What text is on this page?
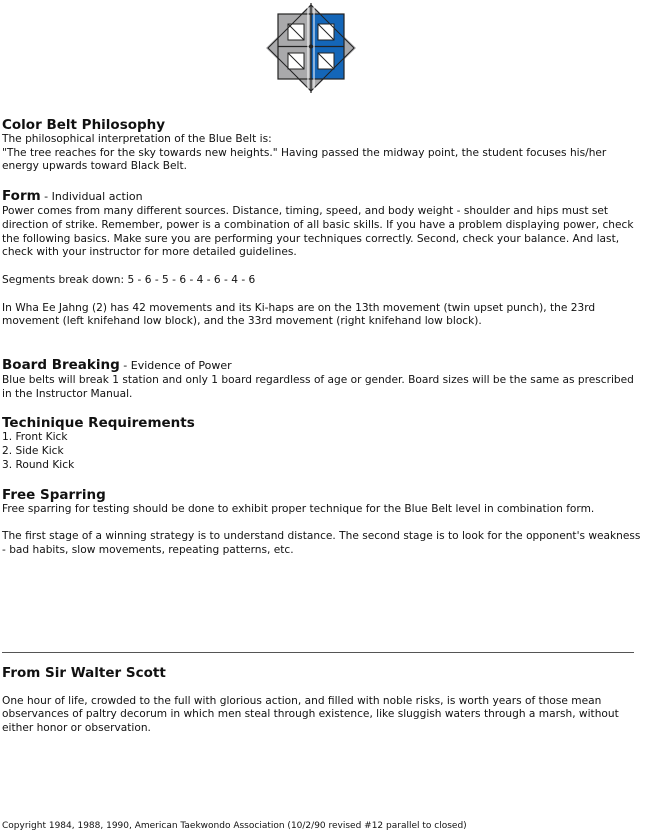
Color Belt Philosophy

The philosophical interpretation of the Blue Belt is:

"The tree reaches for the sky towards new heights." Having passed the midway point, the student focuses his/her energy upwards toward Black Belt.

Form - Individual action

Power comes from many different sources. Distance, timing, speed, and body weight - shoulder and hips must set direction of strike. Remember, power is a combination of all basic skills. If you have a problem displaying power, check the following basics. Make sure you are performing your techniques correctly. Second, check your balance. And last, check with your instructor for more detailed guidelines.

Segments break down: 5 - 6 - 5 - 6 - 4 - 6 - 4 - 6

In Wha Ee Jahng (2) has 42 movements and its Ki-haps are on the 13th movement (twin upset punch), the 23rd movement (left knifehand low block), and the 33rd movement (right knifehand low block).

Board Breaking - Evidence of Power

Blue belts will break 1 station and only 1 board regardless of age or gender. Board sizes will be the same as prescribed in the Instructor Manual.

Techinique Requirements

1. Front Kick

2. Side Kick

3. Round Kick

Free Sparring

Free sparring for testing should be done to exhibit proper technique for the Blue Belt level in combination form.

The first stage of a winning strategy is to understand distance. The second stage is to look for the opponent's weakness - bad habits, slow movements, repeating patterns, etc.

From Sir Walter Scott

One hour of life, crowded to the full with glorious action, and filled with noble risks, is worth years of those mean observances of paltry decorum in which men steal through existence, like sluggish waters through a marsh, without either honor or observation.

Copyright 1984, 1988, 1990, American Taekwondo Association (10/2/90 revised #12 parallel to closed)
